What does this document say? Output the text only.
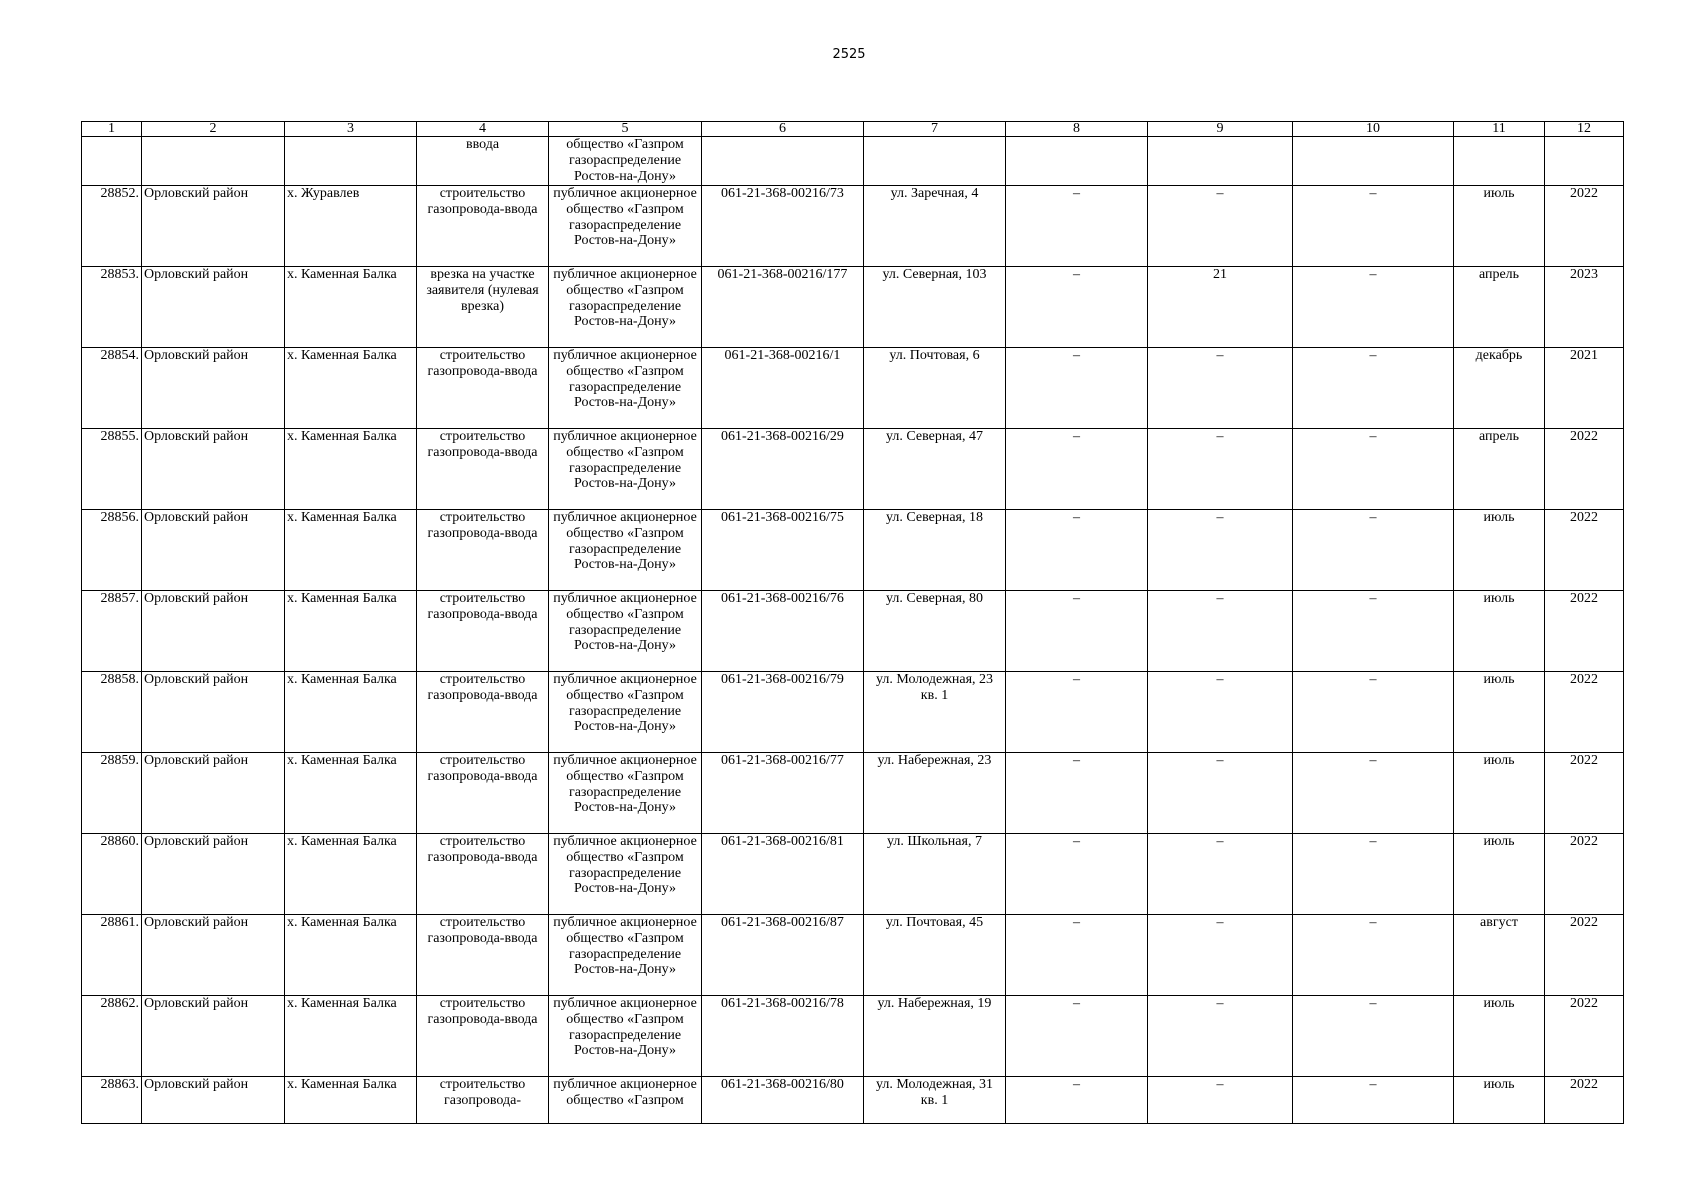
2525
1	2	3	4	5	6	7	8	9	10	11	12
			ввода	общество «Газпром газораспределение Ростов-на-Дону»							
28852.	Орловский район	х. Журавлев	строительство газопровода-ввода	публичное акционерное общество «Газпром газораспределение Ростов-на-Дону»	061-21-368-00216/73	ул. Заречная, 4	–	–	–	июль	2022
28853.	Орловский район	х. Каменная Балка	врезка на участке заявителя (нулевая врезка)	публичное акционерное общество «Газпром газораспределение Ростов-на-Дону»	061-21-368-00216/177	ул. Северная, 103	–	21	–	апрель	2023
28854.	Орловский район	х. Каменная Балка	строительство газопровода-ввода	публичное акционерное общество «Газпром газораспределение Ростов-на-Дону»	061-21-368-00216/1	ул. Почтовая, 6	–	–	–	декабрь	2021
28855.	Орловский район	х. Каменная Балка	строительство газопровода-ввода	публичное акционерное общество «Газпром газораспределение Ростов-на-Дону»	061-21-368-00216/29	ул. Северная, 47	–	–	–	апрель	2022
28856.	Орловский район	х. Каменная Балка	строительство газопровода-ввода	публичное акционерное общество «Газпром газораспределение Ростов-на-Дону»	061-21-368-00216/75	ул. Северная, 18	–	–	–	июль	2022
28857.	Орловский район	х. Каменная Балка	строительство газопровода-ввода	публичное акционерное общество «Газпром газораспределение Ростов-на-Дону»	061-21-368-00216/76	ул. Северная, 80	–	–	–	июль	2022
28858.	Орловский район	х. Каменная Балка	строительство газопровода-ввода	публичное акционерное общество «Газпром газораспределение Ростов-на-Дону»	061-21-368-00216/79	ул. Молодежная, 23 кв. 1	–	–	–	июль	2022
28859.	Орловский район	х. Каменная Балка	строительство газопровода-ввода	публичное акционерное общество «Газпром газораспределение Ростов-на-Дону»	061-21-368-00216/77	ул. Набережная, 23	–	–	–	июль	2022
28860.	Орловский район	х. Каменная Балка	строительство газопровода-ввода	публичное акционерное общество «Газпром газораспределение Ростов-на-Дону»	061-21-368-00216/81	ул. Школьная, 7	–	–	–	июль	2022
28861.	Орловский район	х. Каменная Балка	строительство газопровода-ввода	публичное акционерное общество «Газпром газораспределение Ростов-на-Дону»	061-21-368-00216/87	ул. Почтовая, 45	–	–	–	август	2022
28862.	Орловский район	х. Каменная Балка	строительство газопровода-ввода	публичное акционерное общество «Газпром газораспределение Ростов-на-Дону»	061-21-368-00216/78	ул. Набережная, 19	–	–	–	июль	2022
28863.	Орловский район	х. Каменная Балка	строительство газопровода-	публичное акционерное общество «Газпром	061-21-368-00216/80	ул. Молодежная, 31 кв. 1	–	–	–	июль	2022
